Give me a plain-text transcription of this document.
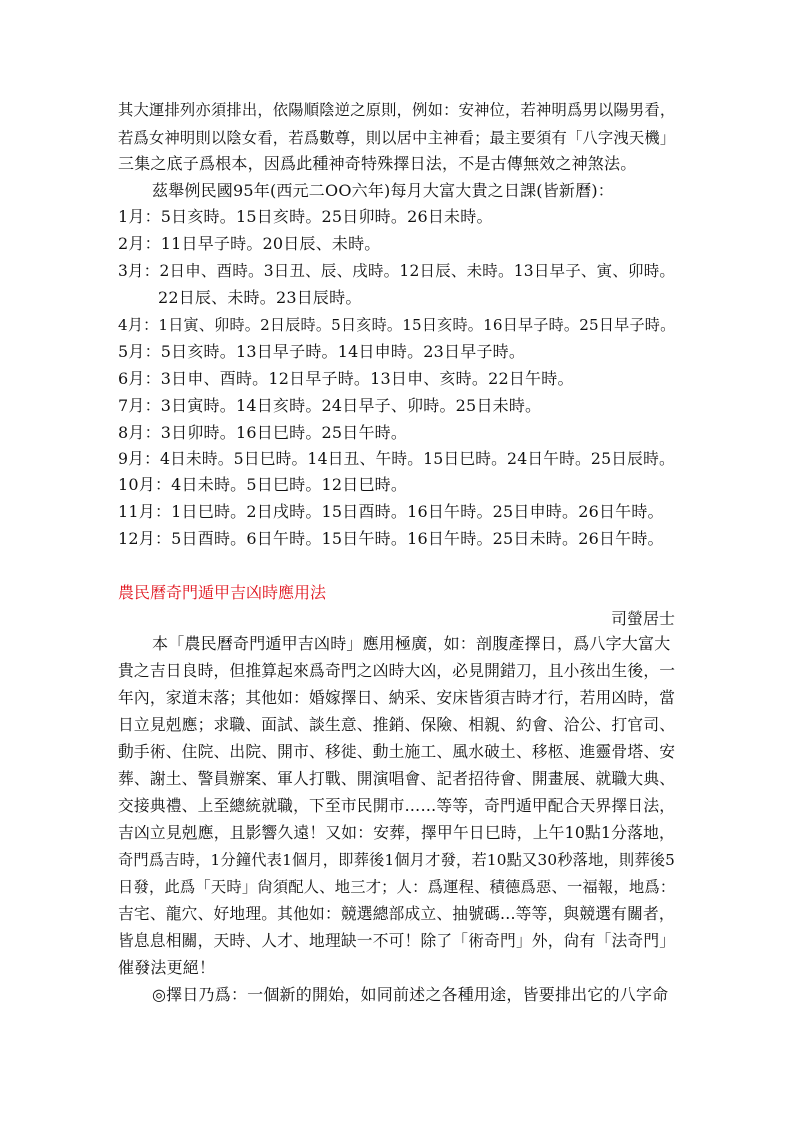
其大運排列亦須排出，依陽順陰逆之原則，例如：安神位，若神明爲男以陽男看，
若爲女神明則以陰女看，若爲數尊，則以居中主神看；最主要須有「八字洩天機」
三集之底子爲根本，因爲此種神奇特殊擇日法，不是古傳無效之神煞法。
茲舉例民國95年(西元二OO六年)每月大富大貴之日課(皆新曆)：
1月：5日亥時。15日亥時。25日卯時。26日未時。
2月：11日早子時。20日辰、未時。
3月：2日申、酉時。3日丑、辰、戌時。12日辰、未時。13日早子、寅、卯時。
22日辰、未時。23日辰時。
4月：1日寅、卯時。2日辰時。5日亥時。15日亥時。16日早子時。25日早子時。
5月：5日亥時。13日早子時。14日申時。23日早子時。
6月：3日申、酉時。12日早子時。13日申、亥時。22日午時。
7月：3日寅時。14日亥時。24日早子、卯時。25日未時。
8月：3日卯時。16日巳時。25日午時。
9月：4日未時。5日巳時。14日丑、午時。15日巳時。24日午時。25日辰時。
10月：4日未時。5日巳時。12日巳時。
11月：1日巳時。2日戌時。15日酉時。16日午時。25日申時。26日午時。
12月：5日酉時。6日午時。15日午時。16日午時。25日未時。26日午時。
農民曆奇門遁甲吉凶時應用法
司螢居士
本「農民曆奇門遁甲吉凶時」應用極廣，如：剖腹產擇日，爲八字大富大
貴之吉日良時，但推算起來爲奇門之凶時大凶，必見開錯刀，且小孩出生後，一
年內，家道末落；其他如：婚嫁擇日、納采、安床皆須吉時才行，若用凶時，當
日立見剋應；求職、面試、談生意、推銷、保險、相親、約會、洽公、打官司、
動手術、住院、出院、開市、移徙、動土施工、風水破土、移柩、進靈骨塔、安
葬、謝土、警員辦案、軍人打戰、開演唱會、記者招待會、開畫展、就職大典、
交接典禮、上至總統就職，下至市民開市……等等，奇門遁甲配合天界擇日法，
吉凶立見剋應，且影響久遠！又如：安葬，擇甲午日巳時，上午10點1分落地，
奇門爲吉時，1分鐘代表1個月，即葬後1個月才發，若10點又30秒落地，則葬後5
日發，此爲「天時」尙須配人、地三才；人：爲運程、積德爲惡、一福報，地爲：
吉宅、龍穴、好地理。其他如：競選總部成立、抽號碼...等等，與競選有關者，
皆息息相關，天時、人才、地理缺一不可！除了「術奇門」外，尙有「法奇門」
催發法更絕！
◎擇日乃爲：一個新的開始，如同前述之各種用途，皆要排出它的八字命
